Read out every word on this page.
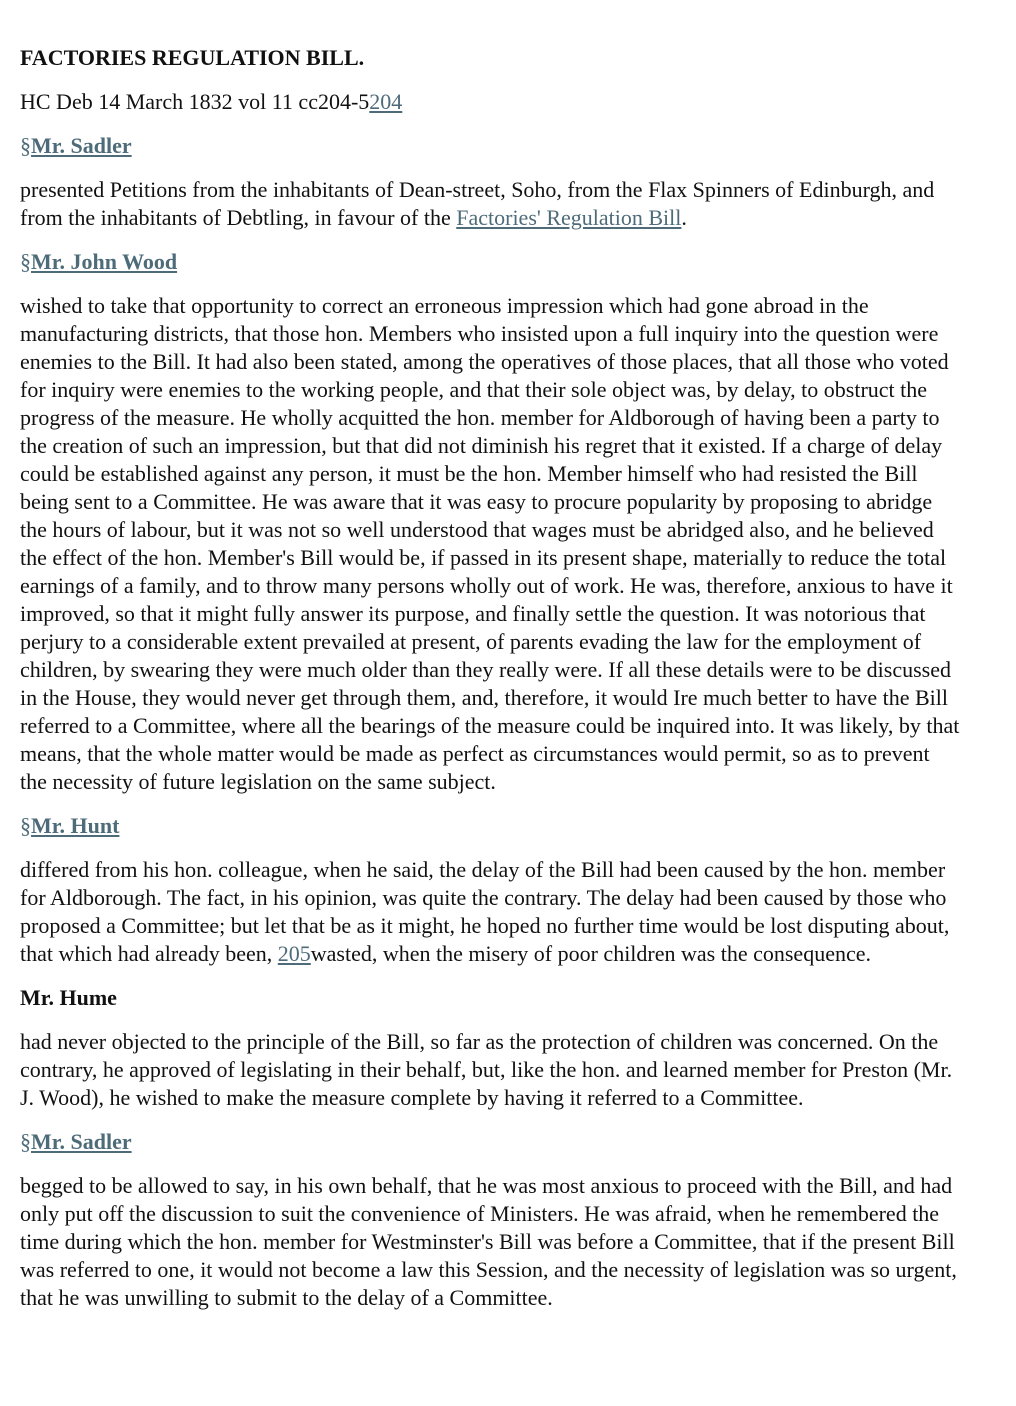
FACTORIES REGULATION BILL.

HC Deb 14 March 1832 vol 11 cc204-5204

§Mr. Sadler

presented Petitions from the inhabitants of Dean-street, Soho, from the Flax Spinners of Edinburgh, and from the inhabitants of Debtling, in favour of the Factories' Regulation Bill.

§Mr. John Wood

wished to take that opportunity to correct an erroneous impression which had gone abroad in the manufacturing districts, that those hon. Members who insisted upon a full inquiry into the question were enemies to the Bill. It had also been stated, among the operatives of those places, that all those who voted for inquiry were enemies to the working people, and that their sole object was, by delay, to obstruct the progress of the measure. He wholly acquitted the hon. member for Aldborough of having been a party to the creation of such an impression, but that did not diminish his regret that it existed. If a charge of delay could be established against any person, it must be the hon. Member himself who had resisted the Bill being sent to a Committee. He was aware that it was easy to procure popularity by proposing to abridge the hours of labour, but it was not so well understood that wages must be abridged also, and he believed the effect of the hon. Member's Bill would be, if passed in its present shape, materially to reduce the total earnings of a family, and to throw many persons wholly out of work. He was, therefore, anxious to have it improved, so that it might fully answer its purpose, and finally settle the question. It was notorious that perjury to a considerable extent prevailed at present, of parents evading the law for the employment of children, by swearing they were much older than they really were. If all these details were to be discussed in the House, they would never get through them, and, therefore, it would Ire much better to have the Bill referred to a Committee, where all the bearings of the measure could be inquired into. It was likely, by that means, that the whole matter would be made as perfect as circumstances would permit, so as to prevent the necessity of future legislation on the same subject.

§Mr. Hunt

differed from his hon. colleague, when he said, the delay of the Bill had been caused by the hon. member for Aldborough. The fact, in his opinion, was quite the contrary. The delay had been caused by those who proposed a Committee; but let that be as it might, he hoped no further time would be lost disputing about, that which had already been, 205wasted, when the misery of poor children was the consequence.

Mr. Hume

had never objected to the principle of the Bill, so far as the protection of children was concerned. On the contrary, he approved of legislating in their behalf, but, like the hon. and learned member for Preston (Mr. J. Wood), he wished to make the measure complete by having it referred to a Committee.

§Mr. Sadler

begged to be allowed to say, in his own behalf, that he was most anxious to proceed with the Bill, and had only put off the discussion to suit the convenience of Ministers. He was afraid, when he remembered the time during which the hon. member for Westminster's Bill was before a Committee, that if the present Bill was referred to one, it would not become a law this Session, and the necessity of legislation was so urgent, that he was unwilling to submit to the delay of a Committee.
